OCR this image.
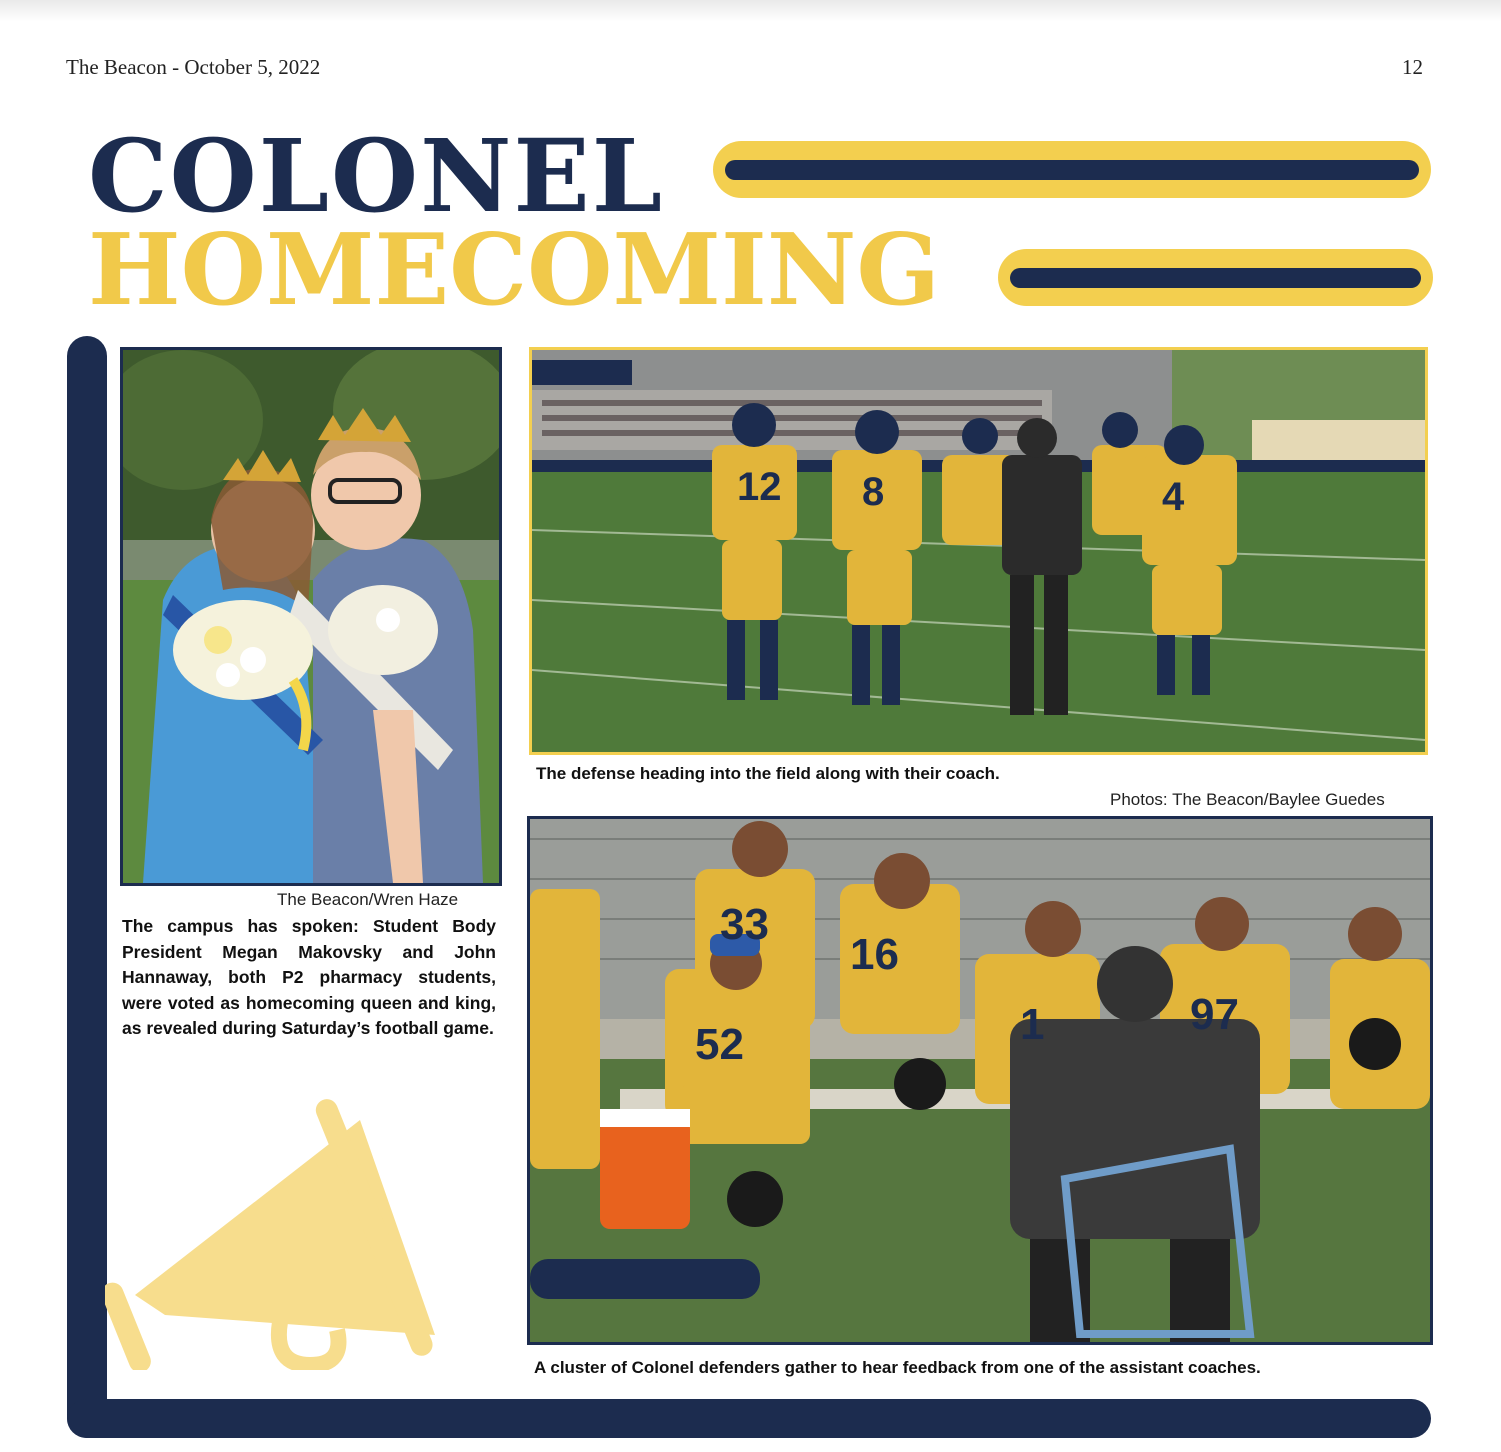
The Beacon - October 5, 2022	12
COLONEL
HOMECOMING
The Beacon/Wren Haze
The campus has spoken: Student Body President Megan Makovsky and John Hannaway, both P2 pharmacy students, were voted as homecoming queen and king, as revealed during Saturday’s football game.
12 8	4
The defense heading into the field along with their coach.
Photos: The Beacon/Baylee Guedes
33
16
52	1	97
A cluster of Colonel defenders gather to hear feedback from one of the assistant coaches.
